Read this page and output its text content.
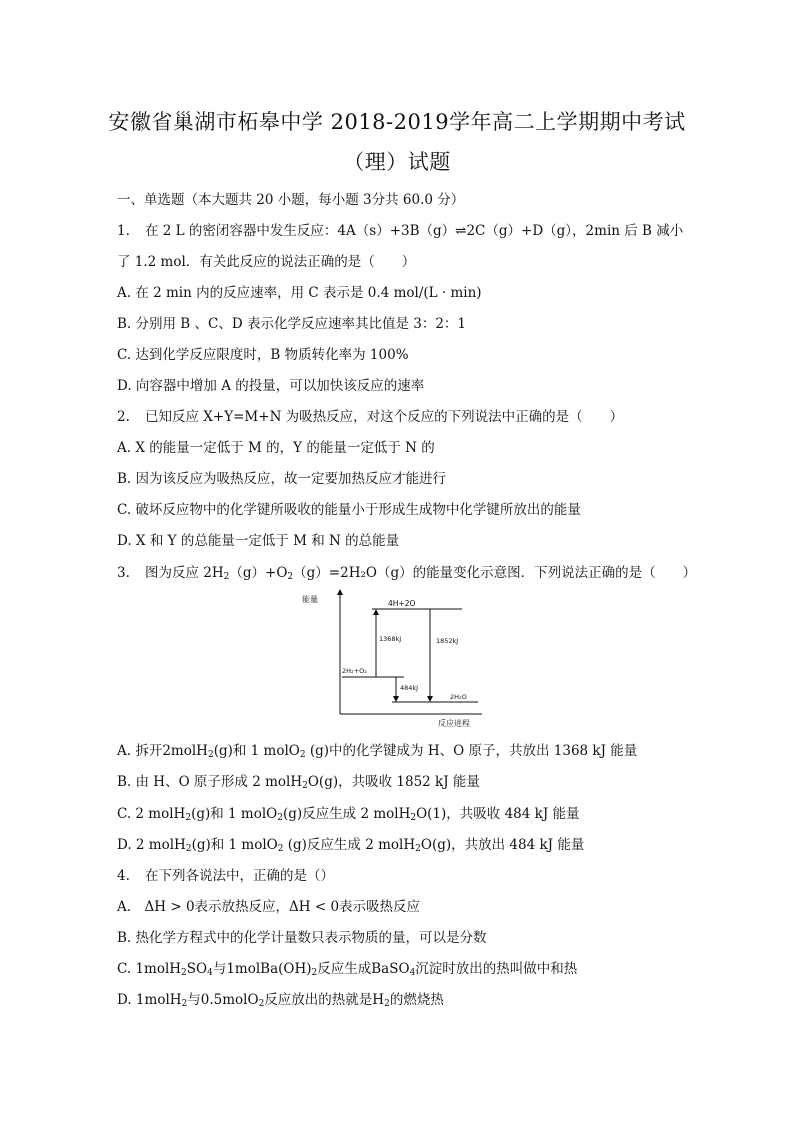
安徽省巢湖市柘皋中学 2018-2019学年高二上学期期中考试
（理）试题
一、单选题（本大题共 20 小题，每小题 3分共 60.0 分）
1. 在 2 L 的密闭容器中发生反应：4A（s）+3B（g）⇌2C（g）+D（g），2min 后 B 减小
了 1.2 mol．有关此反应的说法正确的是（　　）
A. 在 2 min 内的反应速率，用 C 表示是 0.4 mol/(L · min)
B. 分别用 B 、C、D 表示化学反应速率其比值是 3：2：1
C. 达到化学反应限度时，B 物质转化率为 100%
D. 向容器中增加 A 的投量，可以加快该反应的速率
2. 已知反应 X+Y=M+N 为吸热反应，对这个反应的下列说法中正确的是（　　）
A. X 的能量一定低于 M 的，Y 的能量一定低于 N 的
B. 因为该反应为吸热反应，故一定要加热反应才能进行
C. 破坏反应物中的化学键所吸收的能量小于形成生成物中化学键所放出的能量
D. X 和 Y 的总能量一定低于 M 和 N 的总能量
3. 图为反应 $2H_2(g)+O_2(g)=2H_2O(g)$的能量变化示意图．下列说法正确的是（　　）
能量
反应进程
4H+2O
2H₂+O₂
2H₂O
1368kJ	1852kJ
484kJ
A. 拆开2molH$_2$(g)和 1 molO$_2$ (g)中的化学键成为 H、O 原子，共放出 1368 kJ 能量
B. 由 H、O 原子形成 2 molH$_2$O(g)，共吸收 1852 kJ 能量
C. 2 molH$_2$(g)和 1 molO$_2$(g)反应生成 2 molH$_2$O(1)，共吸收 484 kJ 能量
D. 2 molH$_2$(g)和 1 molO$_2$ (g)反应生成 2 molH$_2$O(g)，共放出 484 kJ 能量
4. 在下列各说法中，正确的是（）
A.　ΔH > 0表示放热反应，ΔH < 0表示吸热反应
B. 热化学方程式中的化学计量数只表示物质的量，可以是分数
C. $1molH_2SO_4$与$1molBa(OH)_2$反应生成BaSO$_4$沉淀时放出的热叫做中和热
D. 1molH$_2$与0.5molO$_2$反应放出的热就是$H_2$的燃烧热
